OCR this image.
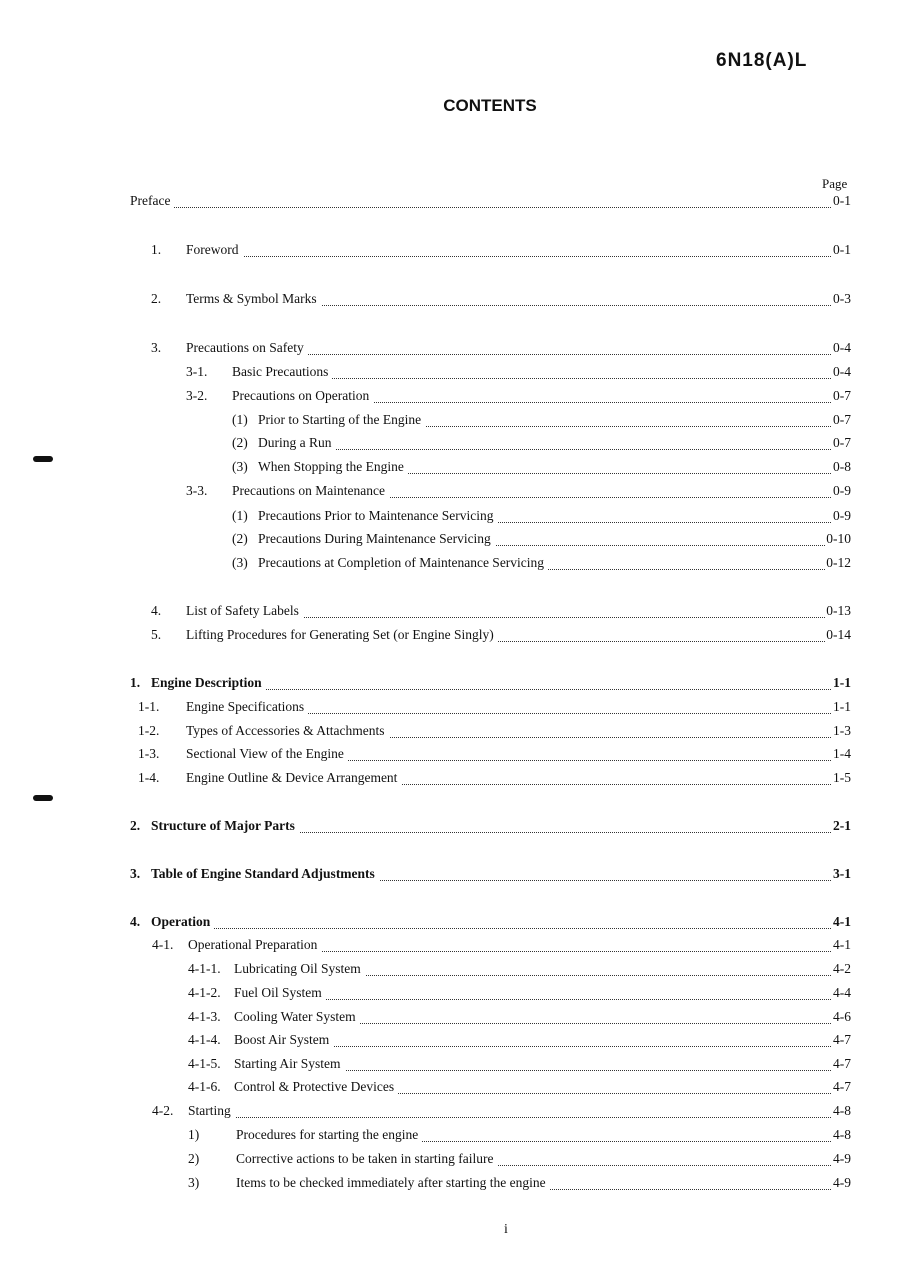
6N18(A)L
CONTENTS
Page
Preface	0-1
1. Foreword	0-1
2. Terms & Symbol Marks	0-3
3. Precautions on Safety	0-4
3-1. Basic Precautions	0-4
3-2. Precautions on Operation	0-7
(1) Prior to Starting of the Engine	0-7
(2) During a Run	0-7
(3) When Stopping the Engine	0-8
3-3. Precautions on Maintenance	0-9
(1) Precautions Prior to Maintenance Servicing	0-9
(2) Precautions During Maintenance Servicing	0-10
(3) Precautions at Completion of Maintenance Servicing	0-12
4. List of Safety Labels	0-13
5. Lifting Procedures for Generating Set (or Engine Singly)	0-14
1. Engine Description	1-1
1-1. Engine Specifications	1-1
1-2. Types of Accessories & Attachments	1-3
1-3. Sectional View of the Engine	1-4
1-4. Engine Outline & Device Arrangement	1-5
2. Structure of Major Parts	2-1
3. Table of Engine Standard Adjustments	3-1
4. Operation	4-1
4-1. Operational Preparation	4-1
4-1-1. Lubricating Oil System	4-2
4-1-2. Fuel Oil System	4-4
4-1-3. Cooling Water System	4-6
4-1-4. Boost Air System	4-7
4-1-5. Starting Air System	4-7
4-1-6. Control & Protective Devices	4-7
4-2. Starting	4-8
1)	Procedures for starting the engine	4-8
2)	Corrective actions to be taken in starting failure	4-9
3)	Items to be checked immediately after starting the engine	4-9
i
